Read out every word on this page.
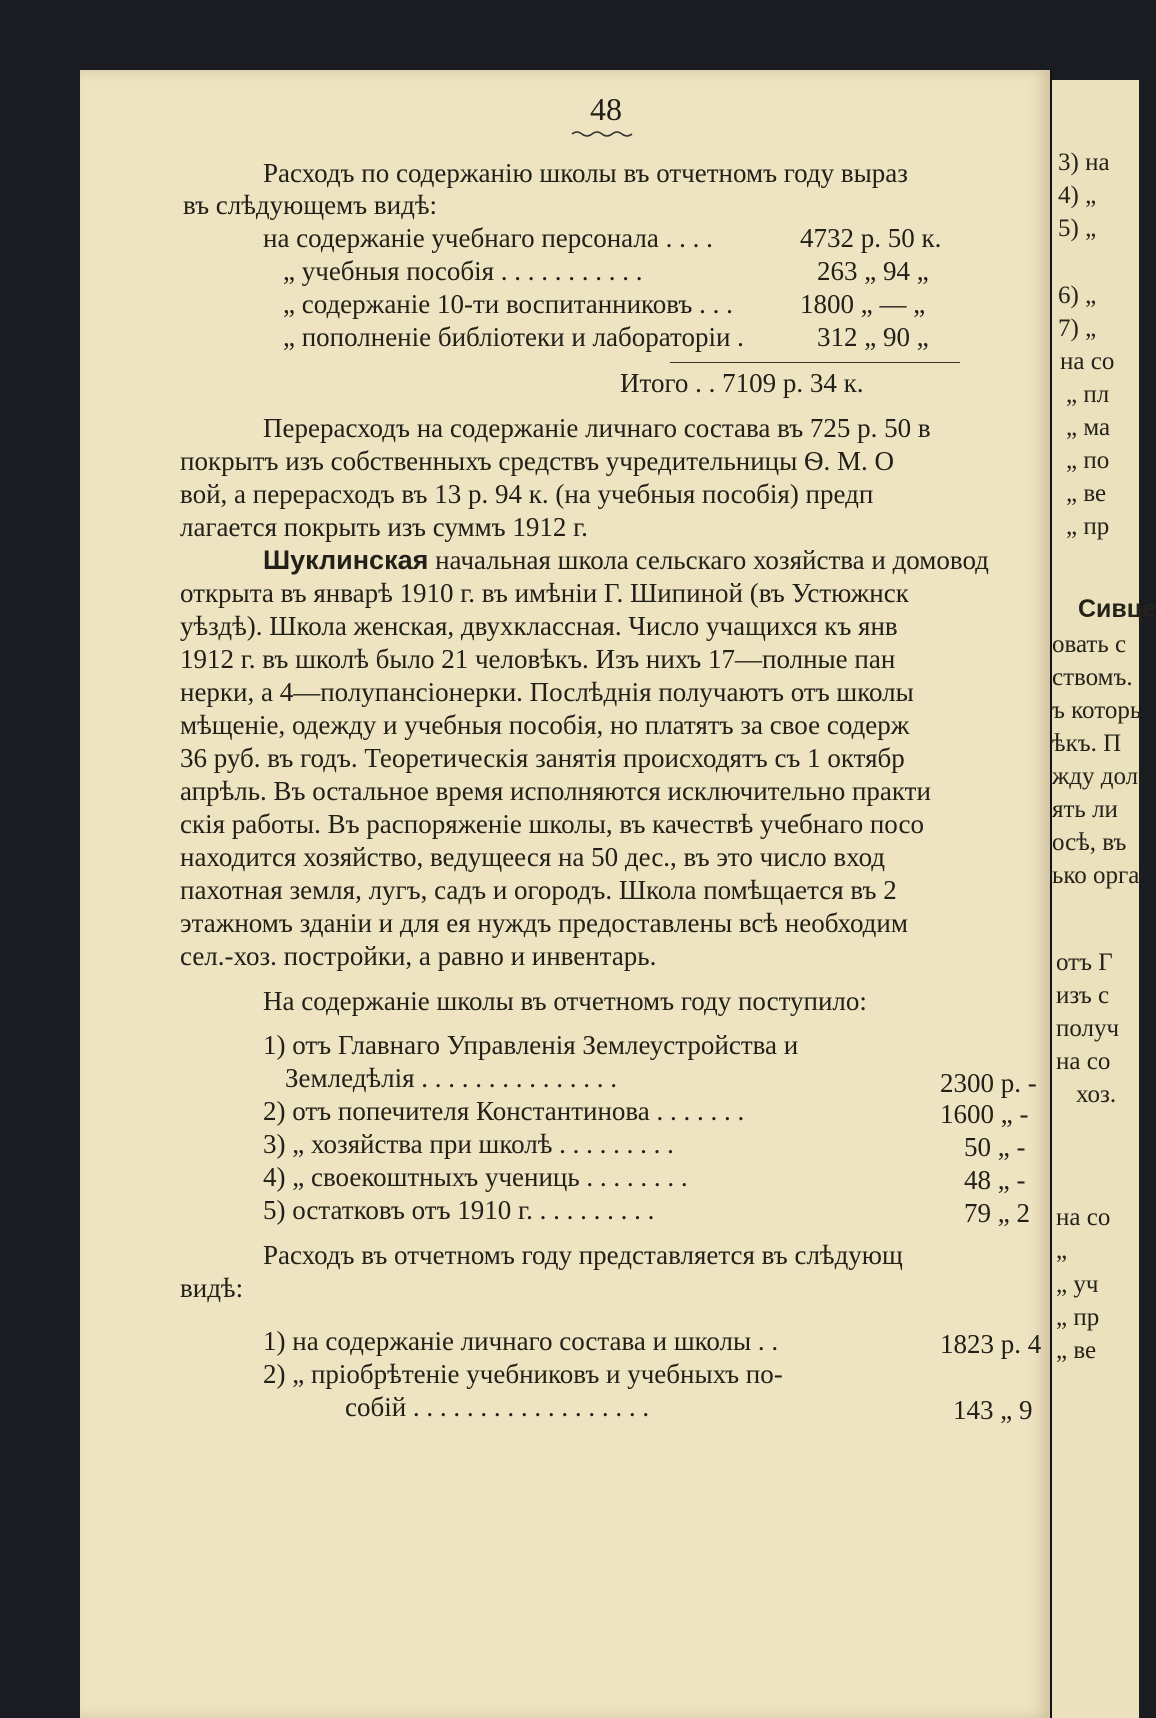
48
Расходъ по содержанію школы въ отчетномъ году выраз
въ слѣдующемъ видѣ:
на содержаніе учебнаго персонала . . . .	4732 р. 50 к.
„ учебныя пособія . . . . . . . . . . .	263 „ 94 „
„ содержаніе 10-ти воспитанниковъ . . . 1800 „ — „
„ пополненіе библіотеки и лабораторіи .	312 „ 90 „
Итого . . 7109 р. 34 к.
Перерасходъ на содержаніе личнаго состава въ 725 р. 50 в
покрытъ изъ собственныхъ средствъ учредительницы Ѳ. М. О
вой, а перерасходъ въ 13 р. 94 к. (на учебныя пособія) предп
лагается покрыть изъ суммъ 1912 г.
Шуклинская начальная школа сельскаго хозяйства и домовод
открыта въ январѣ 1910 г. въ имѣніи Г. Шипиной (въ Устюжнск
уѣздѣ). Школа женская, двухклассная. Число учащихся къ янв
1912 г. въ школѣ было 21 человѣкъ. Изъ нихъ 17—полные пан
нерки, а 4—полупансіонерки. Послѣднія получаютъ отъ школы
мѣщеніе, одежду и учебныя пособія, но платятъ за свое содерж
36 руб. въ годъ. Теоретическія занятія происходятъ съ 1 октябр
апрѣль. Въ остальное время исполняются исключительно практи
скія работы. Въ распоряженіе школы, въ качествѣ учебнаго посо
находится хозяйство, ведущееся на 50 дес., въ это число вход
пахотная земля, лугъ, садъ и огородъ. Школа помѣщается въ 2
этажномъ зданіи и для ея нуждъ предоставлены всѣ необходим
сел.-хоз. постройки, а равно и инвентарь.
На содержаніе школы въ отчетномъ году поступило:
1) отъ Главнаго Управленія Землеустройства и
Земледѣлія . . . . . . . . . . . . . . .	2300 р. -
2) отъ попечителя Константинова . . . . . . .	1600 „ -
3) „ хозяйства при школѣ . . . . . . . . .	50 „ -
4) „ своекоштныхъ учениць . . . . . . . .	48 „ -
5) остатковъ отъ 1910 г. . . . . . . . . .	79 „ 2
Расходъ въ отчетномъ году представляется въ слѣдующ
видѣ:
1) на содержаніе личнаго состава и школы . .	1823 р. 4
2) „ пріобрѣтеніе учебниковъ и учебныхъ по-
собій . . . . . . . . . . . . . . . . . .	143 „ 9
3) на
4) „
5) „
6) „
7) „
на со
„ пл
„ ма
„ по
„ ве
„ пр
Сивце
овать с
ствомъ.
ъ которь
ѣкъ. П
жду дол
ять ли
осѣ, въ
ько орга
отъ Г
изъ с
получ
на со
хоз.
на со
„
„ уч
„ пр
„ ве
